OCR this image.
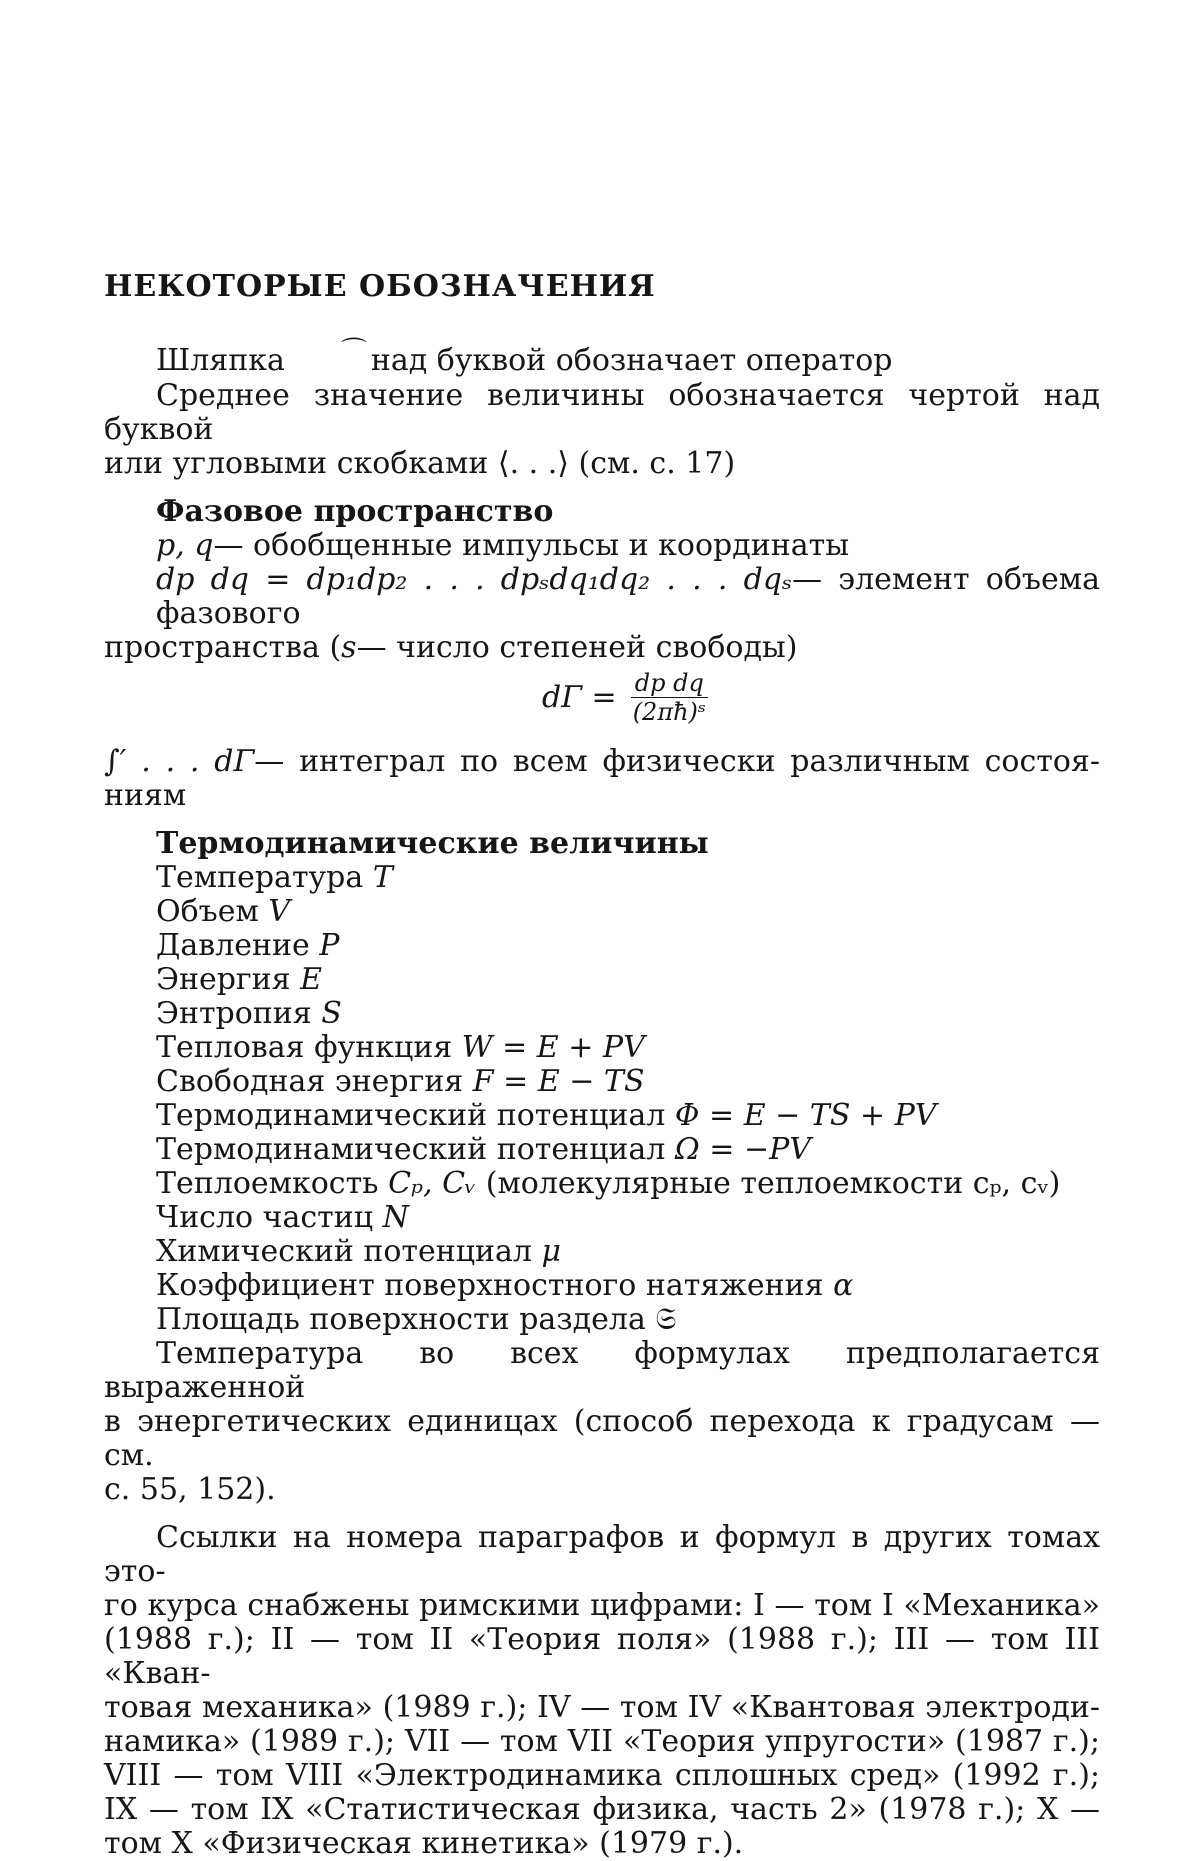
НЕКОТОРЫЕ ОБОЗНАЧЕНИЯ

Шляпка ⌒ над буквой обозначает оператор

Среднее значение величины обозначается чертой над буквой

или угловыми скобками ⟨. . .⟩ (см. с. 17)

Фазовое пространство

p, q— обобщенные импульсы и координаты

dp dq = dp₁dp₂ . . . dpₛdq₁dq₂ . . . dqₛ— элемент объема фазового

пространства (s— число степеней свободы)

$d\Gamma = \frac{\text{dp dq}}{\text{(2πħ)ˢ}}$

∫′ . . . dΓ— интеграл по всем физически различным состоя-

ниям

Термодинамические величины

Температура T

Объем V

Давление P

Энергия E

Энтропия S

Тепловая функция W = E + PV

Свободная энергия F = E − TS

Термодинамический потенциал Φ = E − TS + PV

Термодинамический потенциал Ω = −PV

Теплоемкость Cₚ, Cᵥ (молекулярные теплоемкости cₚ, cᵥ)

Число частиц N

Химический потенциал μ

Коэффициент поверхностного натяжения α

Площадь поверхности раздела 𝔖

Температура во всех формулах предполагается выраженной

в энергетических единицах (способ перехода к градусам — см.

с. 55, 152).

Ссылки на номера параграфов и формул в других томах это-

го курса снабжены римскими цифрами: I — том I «Механика»

(1988 г.); II — том II «Теория поля» (1988 г.); III — том III «Кван-

товая механика» (1989 г.); IV — том IV «Квантовая электроди-

намика» (1989 г.); VII — том VII «Теория упругости» (1987 г.);

VIII — том VIII «Электродинамика сплошных сред» (1992 г.);

IX — том IX «Статистическая физика, часть 2» (1978 г.); X —

том X «Физическая кинетика» (1979 г.).
